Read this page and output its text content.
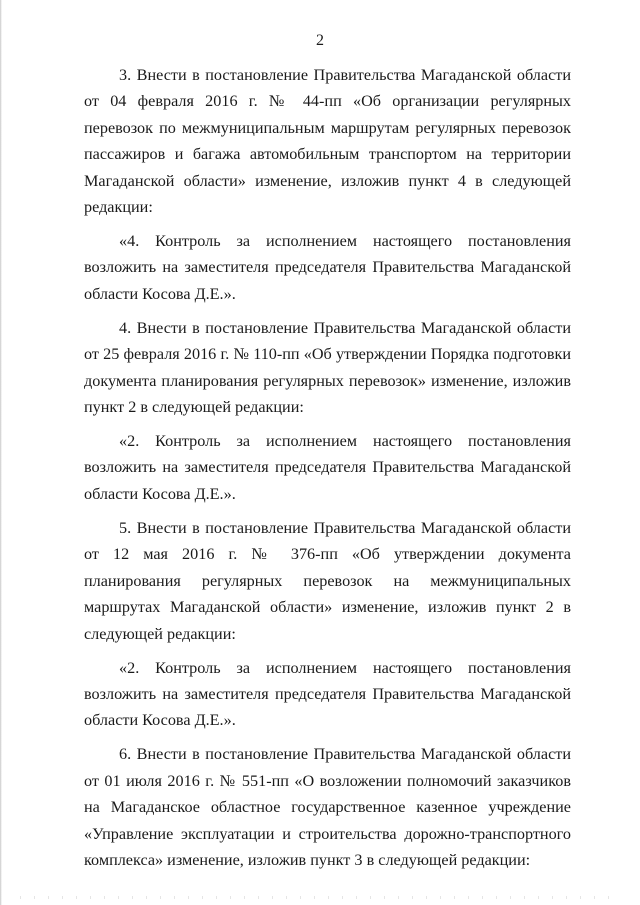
2

3. Внести в постановление Правительства Магаданской области от 04 февраля 2016 г. № 44-пп «Об организации регулярных перевозок по межмуниципальным маршрутам регулярных перевозок пассажиров и багажа автомобильным транспортом на территории Магаданской области» изменение, изложив пункт 4 в следующей редакции:

«4. Контроль за исполнением настоящего постановления возложить на заместителя председателя Правительства Магаданской области Косова Д.Е.».

4. Внести в постановление Правительства Магаданской области от 25 февраля 2016 г. № 110-пп «Об утверждении Порядка подготовки документа планирования регулярных перевозок» изменение, изложив пункт 2 в следующей редакции:

«2. Контроль за исполнением настоящего постановления возложить на заместителя председателя Правительства Магаданской области Косова Д.Е.».

5. Внести в постановление Правительства Магаданской области от 12 мая 2016 г. № 376-пп «Об утверждении документа планирования регулярных перевозок на межмуниципальных маршрутах Магаданской области» изменение, изложив пункт 2 в следующей редакции:

«2. Контроль за исполнением настоящего постановления возложить на заместителя председателя Правительства Магаданской области Косова Д.Е.».

6. Внести в постановление Правительства Магаданской области от 01 июля 2016 г. № 551-пп «О возложении полномочий заказчиков на Магаданское областное государственное казенное учреждение «Управление эксплуатации и строительства дорожно-транспортного комплекса» изменение, изложив пункт 3 в следующей редакции:
